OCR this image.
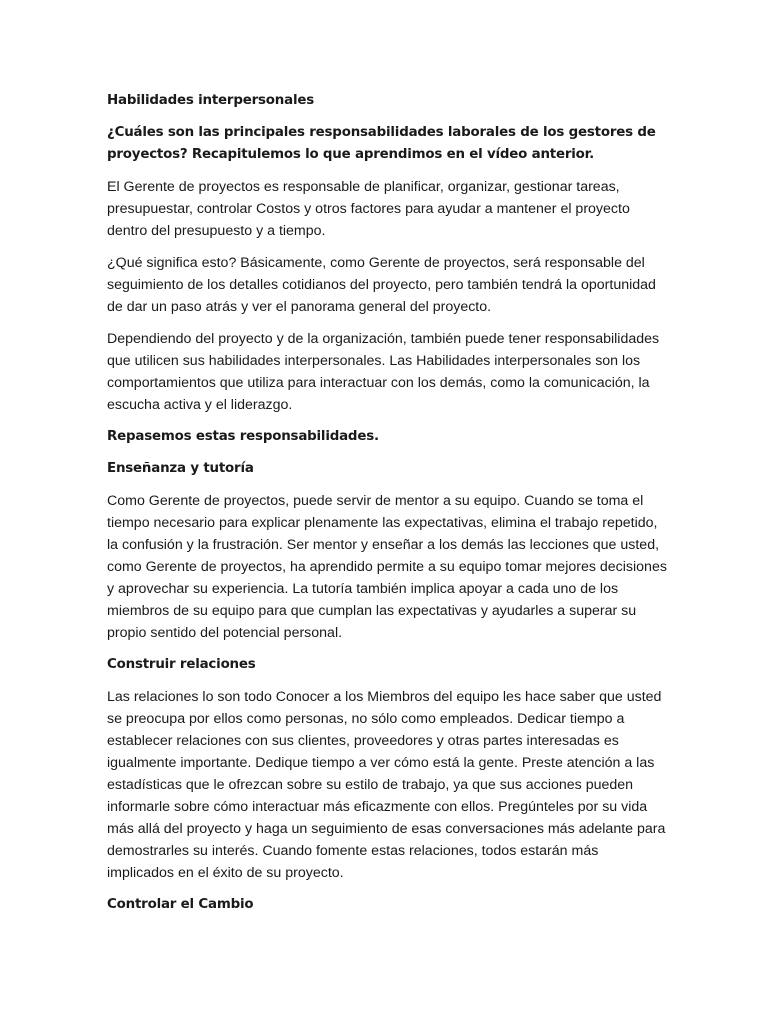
Habilidades interpersonales

¿Cuáles son las principales responsabilidades laborales de los gestores de proyectos? Recapitulemos lo que aprendimos en el vídeo anterior.

El Gerente de proyectos es responsable de planificar, organizar, gestionar tareas, presupuestar, controlar Costos y otros factores para ayudar a mantener el proyecto dentro del presupuesto y a tiempo.

¿Qué significa esto? Básicamente, como Gerente de proyectos, será responsable del seguimiento de los detalles cotidianos del proyecto, pero también tendrá la oportunidad de dar un paso atrás y ver el panorama general del proyecto.

Dependiendo del proyecto y de la organización, también puede tener responsabilidades que utilicen sus habilidades interpersonales. Las Habilidades interpersonales son los comportamientos que utiliza para interactuar con los demás, como la comunicación, la escucha activa y el liderazgo.

Repasemos estas responsabilidades.

Enseñanza y tutoría

Como Gerente de proyectos, puede servir de mentor a su equipo. Cuando se toma el tiempo necesario para explicar plenamente las expectativas, elimina el trabajo repetido, la confusión y la frustración. Ser mentor y enseñar a los demás las lecciones que usted, como Gerente de proyectos, ha aprendido permite a su equipo tomar mejores decisiones y aprovechar su experiencia. La tutoría también implica apoyar a cada uno de los miembros de su equipo para que cumplan las expectativas y ayudarles a superar su propio sentido del potencial personal.

Construir relaciones

Las relaciones lo son todo Conocer a los Miembros del equipo les hace saber que usted se preocupa por ellos como personas, no sólo como empleados. Dedicar tiempo a establecer relaciones con sus clientes, proveedores y otras partes interesadas es igualmente importante. Dedique tiempo a ver cómo está la gente. Preste atención a las estadísticas que le ofrezcan sobre su estilo de trabajo, ya que sus acciones pueden informarle sobre cómo interactuar más eficazmente con ellos. Pregúnteles por su vida más allá del proyecto y haga un seguimiento de esas conversaciones más adelante para demostrarles su interés. Cuando fomente estas relaciones, todos estarán más implicados en el éxito de su proyecto.

Controlar el Cambio
